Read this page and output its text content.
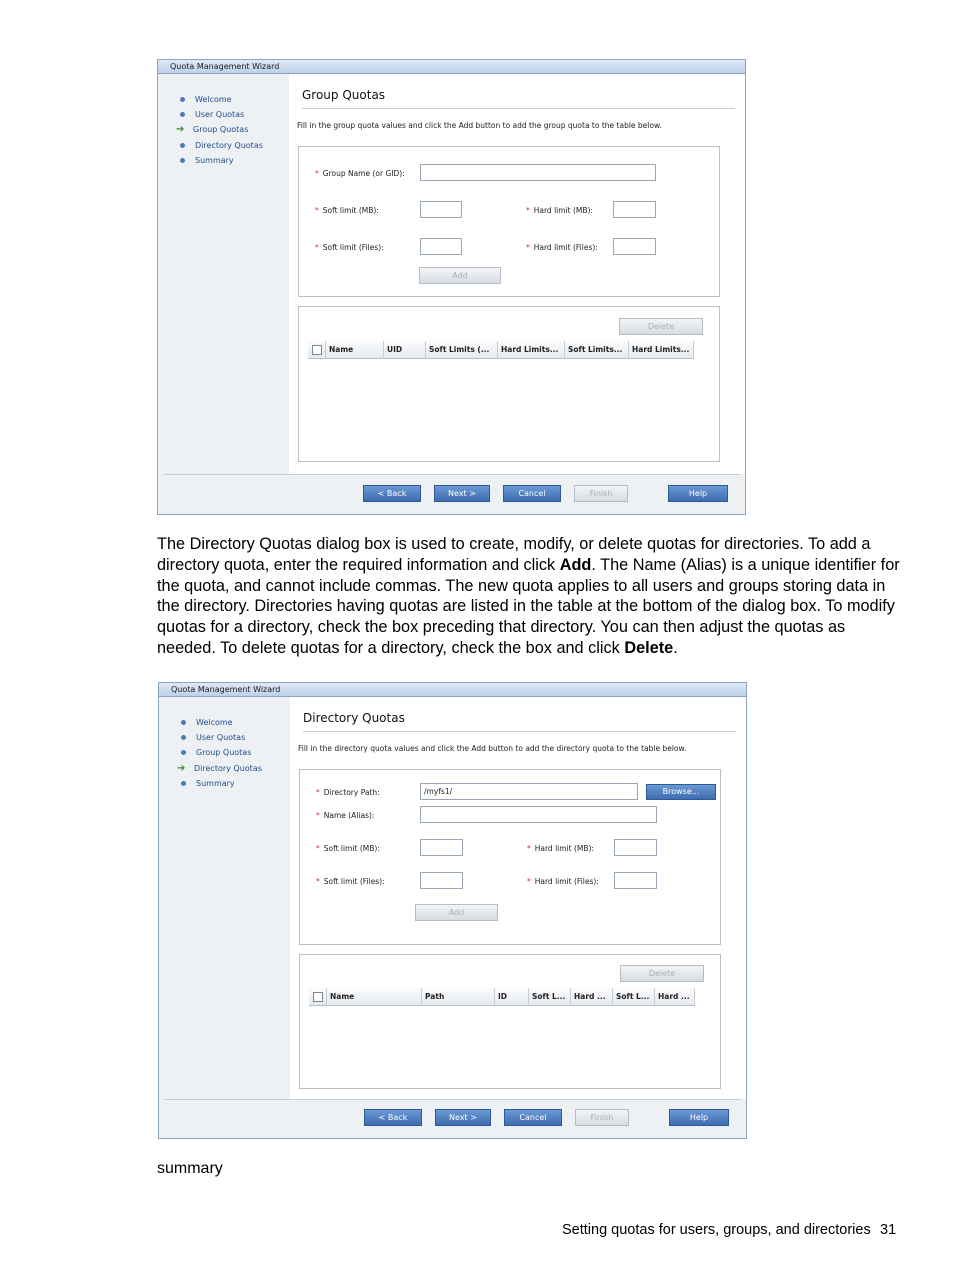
Quota Management Wizard
Welcome
User Quotas
➔	Group Quotas
Directory Quotas
Summary
Group Quotas
Fill in the group quota values and click the Add button to add the group quota to the table below.
* Group Name (or GID):
* Soft limit (MB):	* Hard limit (MB):
* Soft limit (Files):	* Hard limit (Files):
Add
Delete
Name	UID	Soft Limits (...	Hard Limits...	Soft Limits...	Hard Limits...
< Back	Next >	Cancel	Finish	Help
The Directory Quotas dialog box is used to create, modify, or delete quotas for directories. To add a directory quota, enter the required information and click Add. The Name (Alias) is a unique identifier for the quota, and cannot include commas. The new quota applies to all users and groups storing data in the directory. Directories having quotas are listed in the table at the bottom of the dialog box. To modify quotas for a directory, check the box preceding that directory. You can then adjust the quotas as needed. To delete quotas for a directory, check the box and click Delete.
Quota Management Wizard
Welcome
User Quotas
Group Quotas
➔	Directory Quotas
Summary
Directory Quotas
Fill in the directory quota values and click the Add button to add the directory quota to the table below.
* Directory Path:	/myfs1/	Browse...
* Name (Alias):
* Soft limit (MB):	* Hard limit (MB):
* Soft limit (Files):	* Hard limit (Files):
Add
Delete
Name	Path	ID	Soft L...	Hard ...	Soft L...	Hard ...
< Back	Next >	Cancel	Finish	Help
summary
Setting quotas for users, groups, and directories 31
